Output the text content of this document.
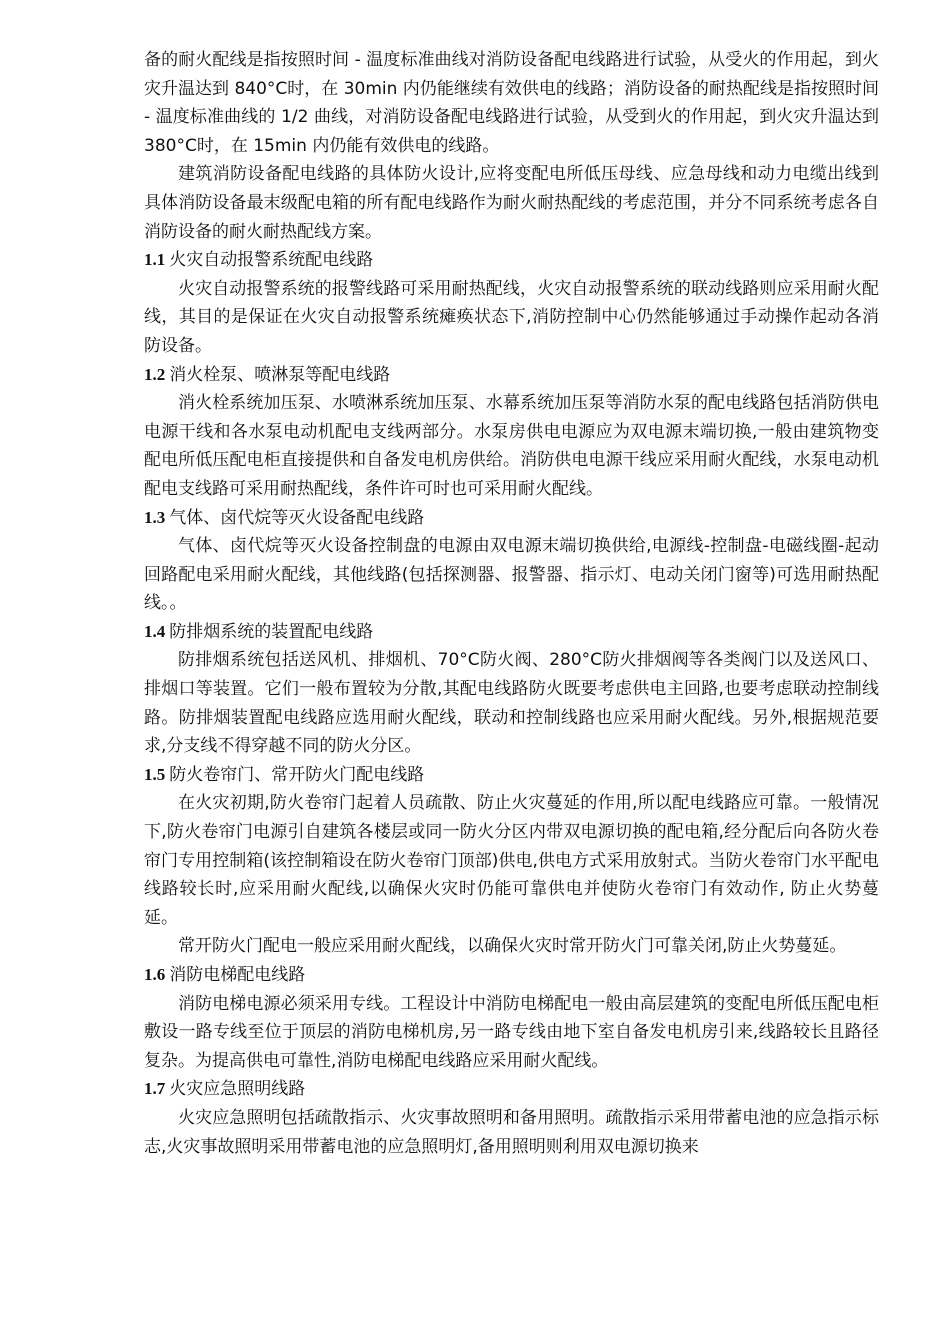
备的耐火配线是指按照时间 - 温度标准曲线对消防设备配电线路进行试验，从受火的作用起，到火灾升温达到 840°C时，在 30min 内仍能继续有效供电的线路；消防设备的耐热配线是指按照时间 - 温度标准曲线的 1/2 曲线，对消防设备配电线路进行试验，从受到火的作用起，到火灾升温达到 380°C时，在 15min 内仍能有效供电的线路。

建筑消防设备配电线路的具体防火设计,应将变配电所低压母线、应急母线和动力电缆出线到具体消防设备最末级配电箱的所有配电线路作为耐火耐热配线的考虑范围，并分不同系统考虑各自消防设备的耐火耐热配线方案。

1.1 火灾自动报警系统配电线路

火灾自动报警系统的报警线路可采用耐热配线，火灾自动报警系统的联动线路则应采用耐火配线，其目的是保证在火灾自动报警系统瘫痪状态下,消防控制中心仍然能够通过手动操作起动各消防设备。

1.2 消火栓泵、喷淋泵等配电线路

消火栓系统加压泵、水喷淋系统加压泵、水幕系统加压泵等消防水泵的配电线路包括消防供电电源干线和各水泵电动机配电支线两部分。水泵房供电电源应为双电源末端切换,一般由建筑物变配电所低压配电柜直接提供和自备发电机房供给。消防供电电源干线应采用耐火配线，水泵电动机配电支线路可采用耐热配线，条件许可时也可采用耐火配线。

1.3 气体、卤代烷等灭火设备配电线路

气体、卤代烷等灭火设备控制盘的电源由双电源末端切换供给,电源线-控制盘-电磁线圈-起动回路配电采用耐火配线，其他线路(包括探测器、报警器、指示灯、电动关闭门窗等)可选用耐热配线。。

1.4 防排烟系统的装置配电线路

防排烟系统包括送风机、排烟机、70°C防火阀、280°C防火排烟阀等各类阀门以及送风口、排烟口等装置。它们一般布置较为分散,其配电线路防火既要考虑供电主回路,也要考虑联动控制线路。防排烟装置配电线路应选用耐火配线，联动和控制线路也应采用耐火配线。另外,根据规范要求,分支线不得穿越不同的防火分区。

1.5 防火卷帘门、常开防火门配电线路

在火灾初期,防火卷帘门起着人员疏散、防止火灾蔓延的作用,所以配电线路应可靠。一般情况下,防火卷帘门电源引自建筑各楼层或同一防火分区内带双电源切换的配电箱,经分配后向各防火卷帘门专用控制箱(该控制箱设在防火卷帘门顶部)供电,供电方式采用放射式。当防火卷帘门水平配电线路较长时,应采用耐火配线,以确保火灾时仍能可靠供电并使防火卷帘门有效动作, 防止火势蔓延。

常开防火门配电一般应采用耐火配线，以确保火灾时常开防火门可靠关闭,防止火势蔓延。

1.6 消防电梯配电线路

消防电梯电源必须采用专线。工程设计中消防电梯配电一般由高层建筑的变配电所低压配电柜敷设一路专线至位于顶层的消防电梯机房,另一路专线由地下室自备发电机房引来,线路较长且路径复杂。为提高供电可靠性,消防电梯配电线路应采用耐火配线。

1.7 火灾应急照明线路

火灾应急照明包括疏散指示、火灾事故照明和备用照明。疏散指示采用带蓄电池的应急指示标志,火灾事故照明采用带蓄电池的应急照明灯,备用照明则利用双电源切换来
